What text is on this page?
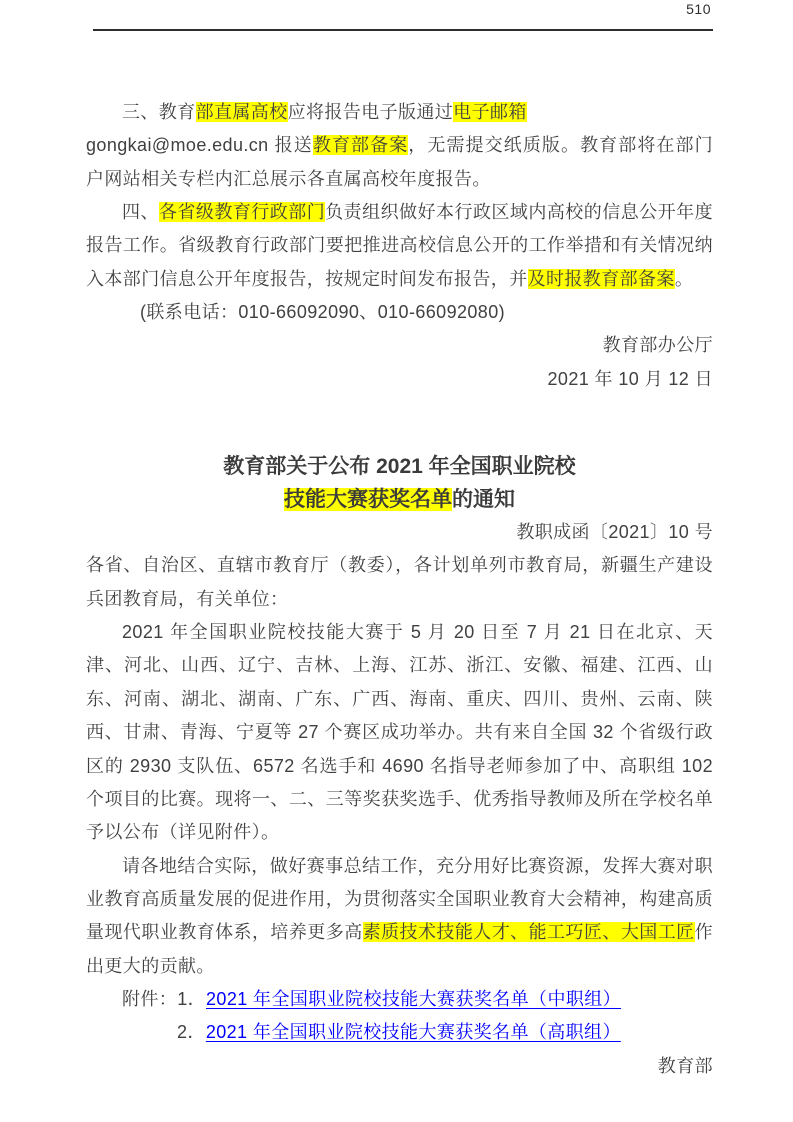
510

三、教育部直属高校应将报告电子版通过电子邮箱
gongkai@moe.edu.cn 报送教育部备案，无需提交纸质版。教育部将在部门户网站相关专栏内汇总展示各直属高校年度报告。

四、各省级教育行政部门负责组织做好本行政区域内高校的信息公开年度报告工作。省级教育行政部门要把推进高校信息公开的工作举措和有关情况纳入本部门信息公开年度报告，按规定时间发布报告，并及时报教育部备案。

(联系电话：010-66092090、010-66092080)

教育部办公厅

2021 年 10 月 12 日

教育部关于公布 2021 年全国职业院校
技能大赛获奖名单的通知

教职成函〔2021〕10 号

各省、自治区、直辖市教育厅（教委），各计划单列市教育局，新疆生产建设兵团教育局，有关单位：

2021 年全国职业院校技能大赛于 5 月 20 日至 7 月 21 日在北京、天津、河北、山西、辽宁、吉林、上海、江苏、浙江、安徽、福建、江西、山东、河南、湖北、湖南、广东、广西、海南、重庆、四川、贵州、云南、陕西、甘肃、青海、宁夏等 27 个赛区成功举办。共有来自全国 32 个省级行政区的 2930 支队伍、6572 名选手和 4690 名指导老师参加了中、高职组 102 个项目的比赛。现将一、二、三等奖获奖选手、优秀指导教师及所在学校名单予以公布（详见附件）。

请各地结合实际，做好赛事总结工作，充分用好比赛资源，发挥大赛对职业教育高质量发展的促进作用，为贯彻落实全国职业教育大会精神，构建高质量现代职业教育体系，培养更多高素质技术技能人才、能工巧匠、大国工匠作出更大的贡献。

附件：1．2021 年全国职业院校技能大赛获奖名单（中职组）

2．2021 年全国职业院校技能大赛获奖名单（高职组）

教育部
